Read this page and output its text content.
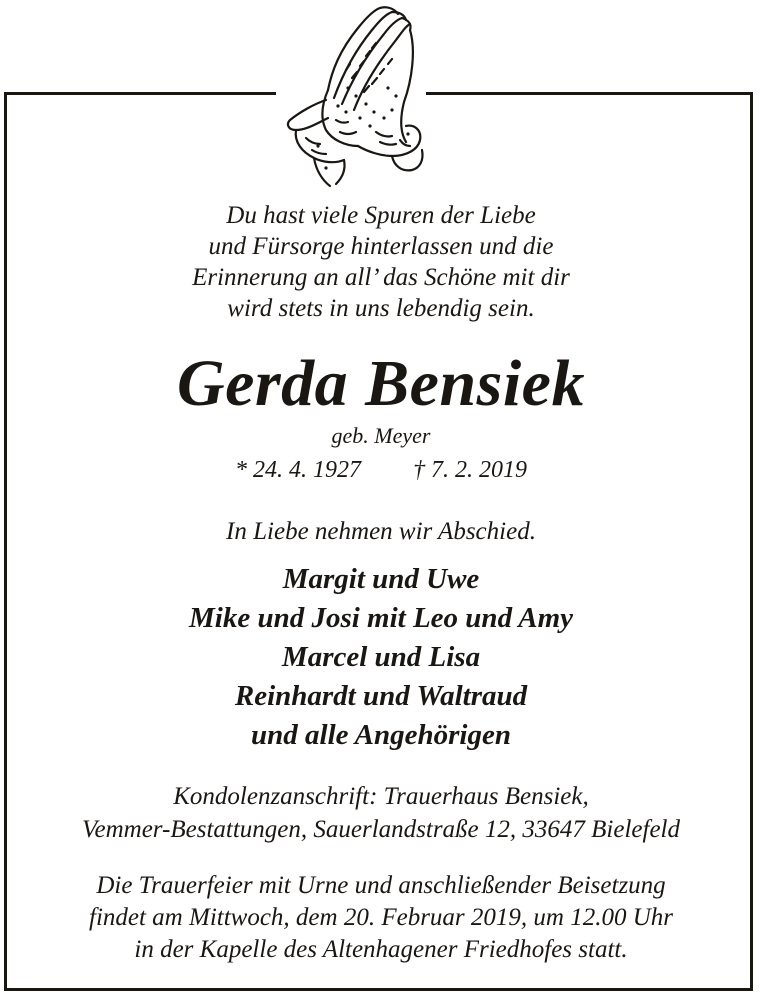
Du hast viele Spuren der Liebe
und Fürsorge hinterlassen und die
Erinnerung an all’ das Schöne mit dir
wird stets in uns lebendig sein.
Gerda Bensiek
geb. Meyer
* 24. 4. 1927 † 7. 2. 2019
In Liebe nehmen wir Abschied.
Margit und Uwe
Mike und Josi mit Leo und Amy
Marcel und Lisa
Reinhardt und Waltraud
und alle Angehörigen
Kondolenzanschrift: Trauerhaus Bensiek,
Vemmer-Bestattungen, Sauerlandstraße 12, 33647 Bielefeld
Die Trauerfeier mit Urne und anschließender Beisetzung
findet am Mittwoch, dem 20. Februar 2019, um 12.00 Uhr
in der Kapelle des Altenhagener Friedhofes statt.
